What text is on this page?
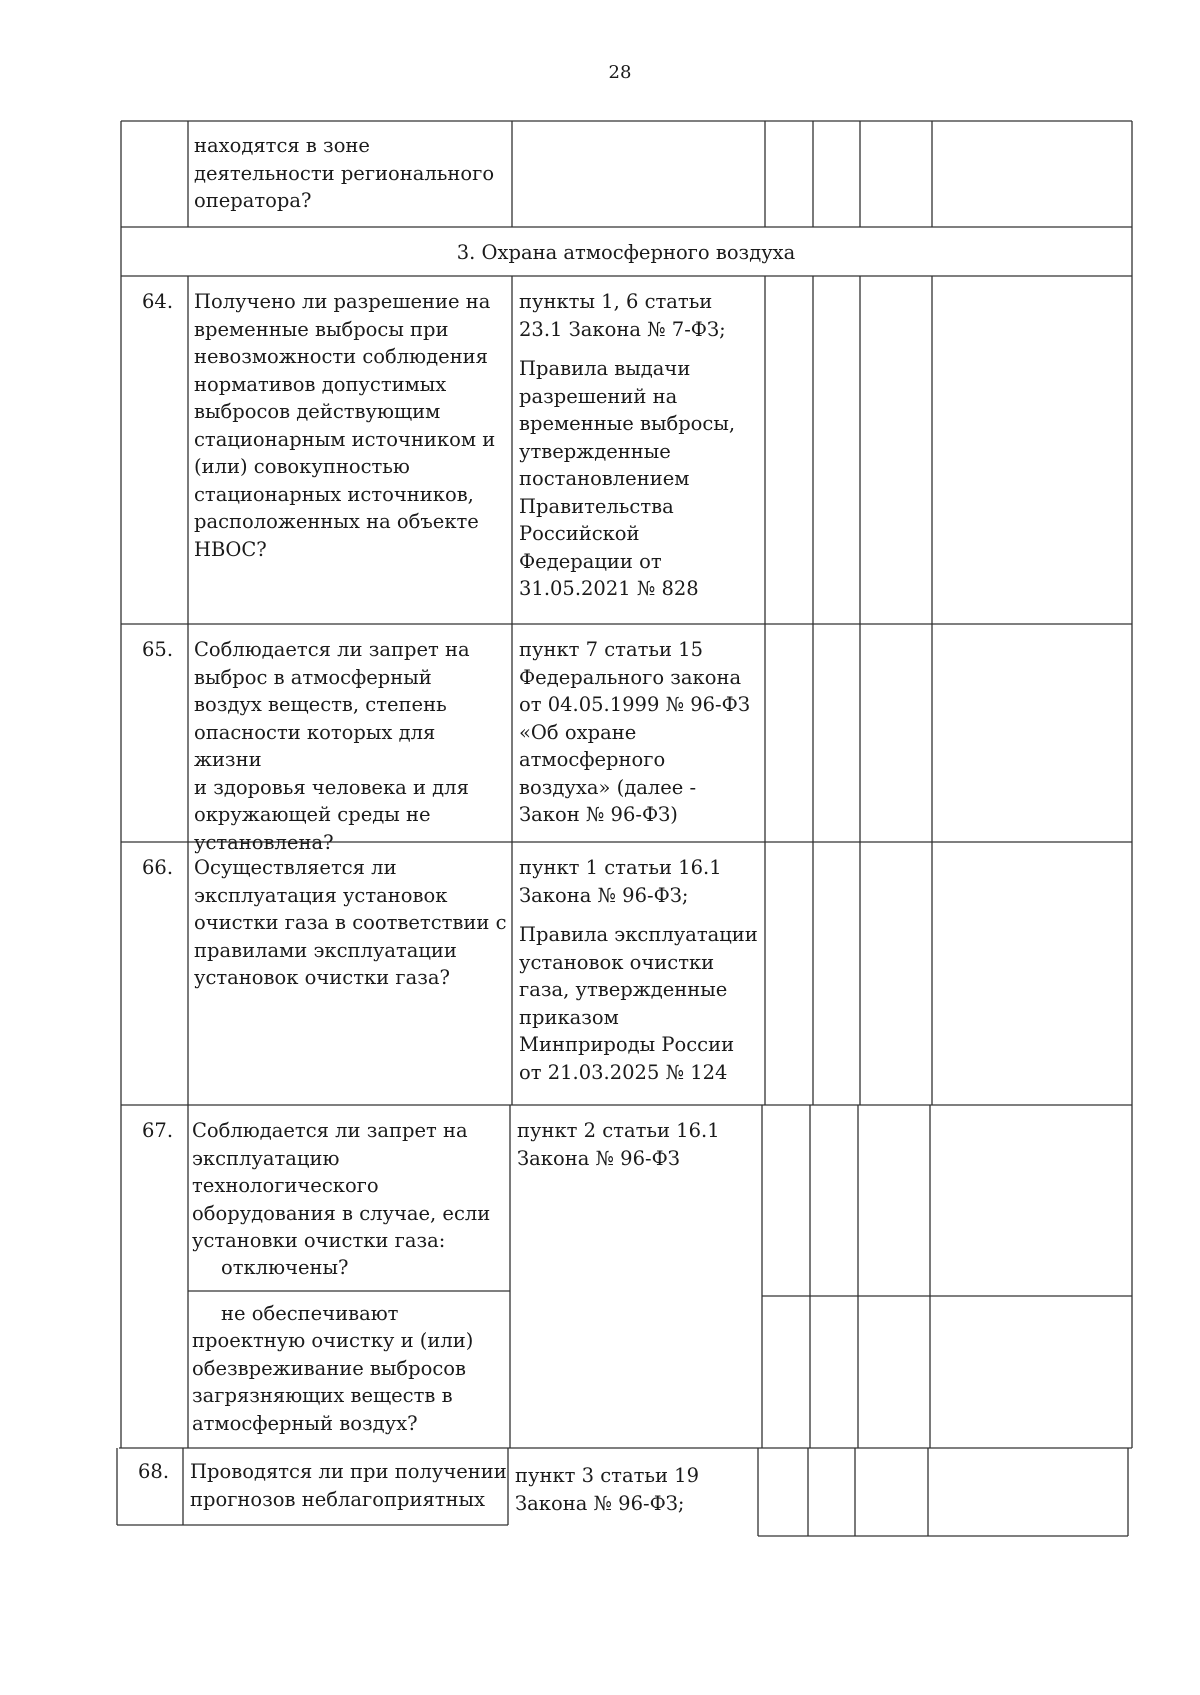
28
находятся в зоне
деятельности регионального
оператора?
3. Охрана атмосферного воздуха
64. Получено ли разрешение на
временные выбросы при
невозможности соблюдения
нормативов допустимых
выбросов действующим
стационарным источником и
(или) совокупностью
стационарных источников,
расположенных на объекте
НВОС?
пункты 1, 6 статьи
23.1 Закона № 7-ФЗ;
Правила выдачи
разрешений на
временные выбросы,
утвержденные
постановлением
Правительства
Российской
Федерации от
31.05.2021 № 828
65. Соблюдается ли запрет на
выброс в атмосферный
воздух веществ, степень
опасности которых для жизни
и здоровья человека и для
окружающей среды не
установлена?
пункт 7 статьи 15
Федерального закона
от 04.05.1999 № 96-ФЗ
«Об охране
атмосферного
воздуха» (далее -
Закон № 96-ФЗ)
66. Осуществляется ли
эксплуатация установок
очистки газа в соответствии с
правилами эксплуатации
установок очистки газа?
пункт 1 статьи 16.1
Закона № 96-ФЗ;
Правила эксплуатации
установок очистки
газа, утвержденные
приказом
Минприроды России
от 21.03.2025 № 124
67. Соблюдается ли запрет на
эксплуатацию
технологического
оборудования в случае, если
установки очистки газа:
отключены?
не обеспечивают
проектную очистку и (или)
обезвреживание выбросов
загрязняющих веществ в
атмосферный воздух?
пункт 2 статьи 16.1
Закона № 96-ФЗ
68. Проводятся ли при получении
прогнозов неблагоприятных
пункт 3 статьи 19
Закона № 96-ФЗ;
